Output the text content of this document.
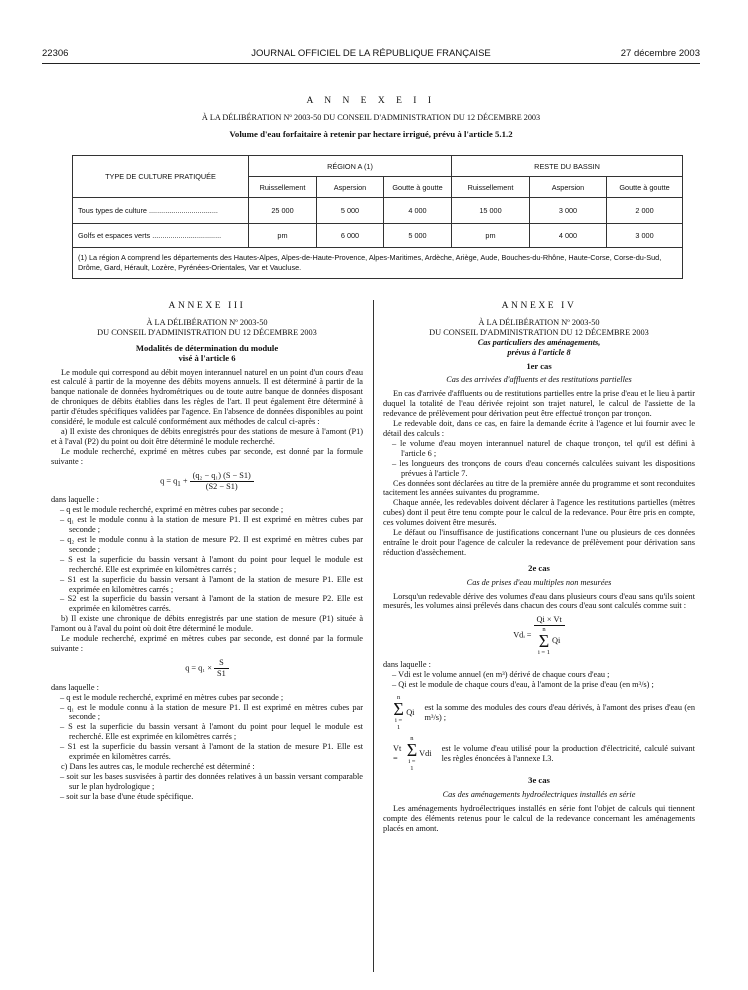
22306	JOURNAL OFFICIEL DE LA RÉPUBLIQUE FRANÇAISE	27 décembre 2003
A N N E X E I I
À LA DÉLIBÉRATION Nº 2003-50 DU CONSEIL D'ADMINISTRATION DU 12 DÉCEMBRE 2003
Volume d'eau forfaitaire à retenir par hectare irrigué, prévu à l'article 5.1.2
TYPE DE CULTURE PRATIQUÉE	RÉGION A (1)			RESTE DU BASSIN		
	Ruissellement	Aspersion	Goutte à goutte	Ruissellement	Aspersion	Goutte à goutte
Tous types de culture ..................................	25 000	5 000	4 000	15 000	3 000	2 000
Golfs et espaces verts ..................................	pm	6 000	5 000	pm	4 000	3 000
(1) La région A comprend les départements des Hautes-Alpes, Alpes-de-Haute-Provence, Alpes-Maritimes, Ardèche, Ariège, Aude, Bouches-du-Rhône, Haute-Corse, Corse-du-Sud, Drôme, Gard, Hérault, Lozère, Pyrénées-Orientales, Var et Vaucluse.						

ANNEXE III

À LA DÉLIBÉRATION Nº 2003-50

DU CONSEIL D'ADMINISTRATION DU 12 DÉCEMBRE 2003

Modalités de détermination du module

visé à l'article 6

Le module qui correspond au débit moyen interannuel naturel en un point d'un cours d'eau est calculé à partir de la moyenne des débits moyens annuels. Il est déterminé à partir de la banque nationale de données hydrométriques ou de toute autre banque de données disposant de chroniques de débits établies dans les règles de l'art. Il peut également être déterminé à partir d'études spécifiques validées par l'agence. En l'absence de données disponibles au point considéré, le module est calculé conformément aux méthodes de calcul ci-après :

a) Il existe des chroniques de débits enregistrés pour des stations de mesure à l'amont (P1) et à l'aval (P2) du point ou doit être déterminé le module recherché.

Le module recherché, exprimé en mètres cubes par seconde, est donné par la formule suivante :

$q = q_1 + \frac{\text{(q₂ − q₁) (S − S1)}}{(S2 - S1)}$

dans laquelle :

– q est le module recherché, exprimé en mètres cubes par seconde ;

– q₁ est le module connu à la station de mesure P1. Il est exprimé en mètres cubes par seconde ;

– q₂ est le module connu à la station de mesure P2. Il est exprimé en mètres cubes par seconde ;

– S est la superficie du bassin versant à l'amont du point pour lequel le module est recherché. Elle est exprimée en kilomètres carrés ;

– S1 est la superficie du bassin versant à l'amont de la station de mesure P1. Elle est exprimée en kilomètres carrés ;

– S2 est la superficie du bassin versant à l'amont de la station de mesure P2. Elle est exprimée en kilomètres carrés.

b) Il existe une chronique de débits enregistrés par une station de mesure (P1) située à l'amont ou à l'aval du point où doit être déterminé le module.

Le module recherché, exprimé en mètres cubes par seconde, est donné par la formule suivante :

$q = q_1 \times \frac{S}{S1}$

dans laquelle :

– q est le module recherché, exprimé en mètres cubes par seconde ;

– q₁ est le module connu à la station de mesure P1. Il est exprimé en mètres cubes par seconde ;

– S est la superficie du bassin versant à l'amont du point pour lequel le module est recherché. Elle est exprimée en kilomètres carrés ;

– S1 est la superficie du bassin versant à l'amont de la station de mesure P1. Elle est exprimée en kilomètres carrés.

c) Dans les autres cas, le module recherché est déterminé :

– soit sur les bases susvisées à partir des données relatives à un bassin versant comparable sur le plan hydrologique ;

– soit sur la base d'une étude spécifique.

ANNEXE IV

À LA DÉLIBÉRATION Nº 2003-50

DU CONSEIL D'ADMINISTRATION DU 12 DÉCEMBRE 2003

Cas particuliers des aménagements,

prévus à l'article 8

1er cas

Cas des arrivées d'affluents et des restitutions partielles

En cas d'arrivée d'affluents ou de restitutions partielles entre la prise d'eau et le lieu à partir duquel la totalité de l'eau dérivée rejoint son trajet naturel, le calcul de l'assiette de la redevance de prélèvement pour dérivation peut être effectué tronçon par tronçon.

Le redevable doit, dans ce cas, en faire la demande écrite à l'agence et lui fournir avec le détail des calculs :

– le volume d'eau moyen interannuel naturel de chaque tronçon, tel qu'il est défini à l'article 6 ;

– les longueurs des tronçons de cours d'eau concernés calculées suivant les dispositions prévues à l'article 7.

Ces données sont déclarées au titre de la première année du programme et sont reconduites tacitement les années suivantes du programme.

Chaque année, les redevables doivent déclarer à l'agence les restitutions partielles (mètres cubes) dont il peut être tenu compte pour le calcul de la redevance. Pour être pris en compte, ces volumes doivent être mesurés.

Le défaut ou l'insuffisance de justifications concernant l'une ou plusieurs de ces données entraîne le droit pour l'agence de calculer la redevance de prélèvement pour dérivation sans réduction d'assèchement.

2e cas

Cas de prises d'eau multiples non mesurées

Lorsqu'un redevable dérive des volumes d'eau dans plusieurs cours d'eau sans qu'ils soient mesurés, les volumes ainsi prélevés dans chacun des cours d'eau sont calculés comme suit :

Vdᵢ =
Qi × Vt
n
Σ
i = 1 Qi

dans laquelle :

– Vdi est le volume annuel (en m³) dérivé de chaque cours d'eau ;

– Qi est le module de chaque cours d'eau, à l'amont de la prise d'eau (en m³/s) ;

n
Σ
i = 1
Qi
est la somme des modules des cours d'eau dérivés, à l'amont des prises d'eau (en m³/s) ;
Vt =
n
Σ
i = 1
Vdi
est le volume d'eau utilisé pour la production d'électricité, calculé suivant les règles énoncées à l'annexe I.3.

3e cas

Cas des aménagements hydroélectriques installés en série

Les aménagements hydroélectriques installés en série font l'objet de calculs qui tiennent compte des éléments retenus pour le calcul de la redevance concernant les aménagements placés en amont.
